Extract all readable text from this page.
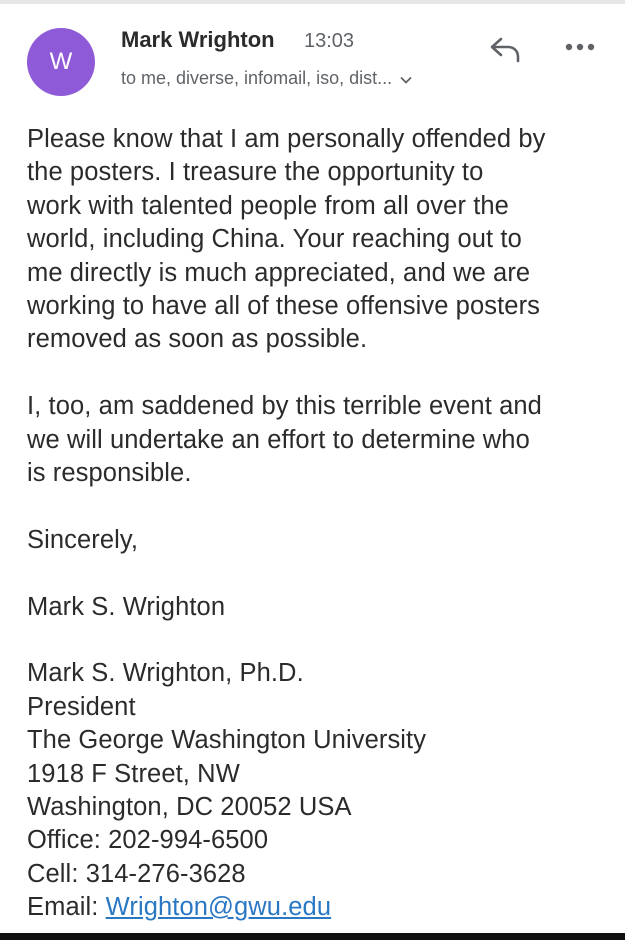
W
Mark Wrighton 13:03
to me, diverse, infomail, iso, dist...

Please know that I am personally offended by

the posters. I treasure the opportunity to

work with talented people from all over the

world, including China. Your reaching out to

me directly is much appreciated, and we are

working to have all of these offensive posters

removed as soon as possible.

I, too, am saddened by this terrible event and

we will undertake an effort to determine who

is responsible.

Sincerely,

Mark S. Wrighton

Mark S. Wrighton, Ph.D.

President

The George Washington University

1918 F Street, NW

Washington, DC 20052 USA

Office: 202-994-6500

Cell: 314-276-3628

Email: Wrighton@gwu.edu
